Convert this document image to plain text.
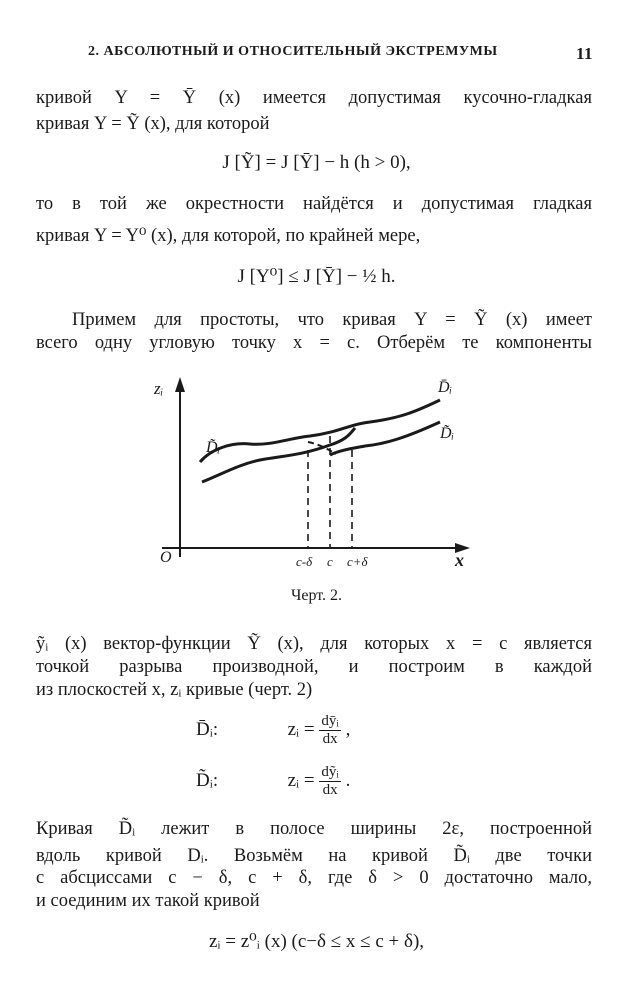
2. АБСОЛЮТНЫЙ И ОТНОСИТЕЛЬНЫЙ ЭКСТРЕМУМЫ	11
кривой Y = Ȳ (x) имеется допустимая кусочно-гладкая
кривая Y = Ỹ (x), для которой
J [Ỹ] = J [Ȳ] − h (h > 0),
то в той же окрестности найдётся и допустимая гладкая
кривая Y = Y⁰ (x), для которой, по крайней мере,
J [Y⁰] ≤ J [Ȳ] − ½ h.
Примем для простоты, что кривая Y = Ỹ (x) имеет
всего одну угловую точку x = c. Отберём те компоненты
zᵢ
O	x
c-δ c c+δ
D̄ᵢ
D̃ᵢ
D̃ᵢ
Черт. 2.
ỹᵢ (x) вектор-функции Ỹ (x), для которых x = c является
точкой разрыва производной, и построим в каждой
из плоскостей x, zᵢ кривые (черт. 2)
D̄ᵢ:	zᵢ = $\frac{\text{dȳᵢ}}{dx}$ ,
D̃ᵢ:	zᵢ = $\frac{\text{dỹᵢ}}{dx}$ .
Кривая D̃ᵢ лежит в полосе ширины 2ε, построенной
вдоль кривой Dᵢ. Возьмём на кривой D̃ᵢ две точки
с абсциссами c − δ, c + δ, где δ > 0 достаточно мало,
и соединим их такой кривой
zᵢ = z⁰ᵢ (x) (c−δ ≤ x ≤ c + δ),
